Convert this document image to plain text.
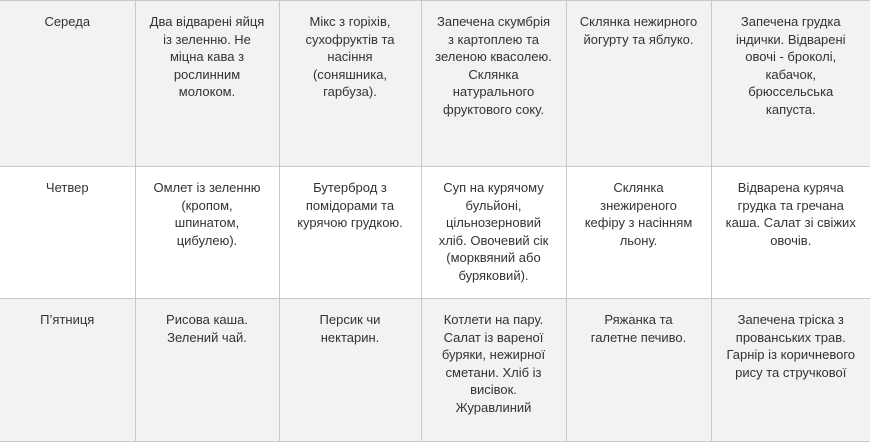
Середа	Два відварені яйця із зеленню. Не міцна кава з рослинним молоком.	Мікс з горіхів, сухофруктів та насіння (соняшника, гарбуза).	Запечена скумбрія з картоплею та зеленою квасолею. Склянка натурального фруктового соку.	Склянка нежирного йогурту та яблуко.	Запечена грудка індички. Відварені овочі - броколі, кабачок, брюссельська капуста.

Четвер	Омлет із зеленню (кропом, шпинатом, цибулею).	Бутерброд з помідорами та курячою грудкою.	Суп на курячому бульйоні, цільнозерновий хліб. Овочевий сік (морквяний або буряковий).	Склянка знежиреного кефіру з насінням льону.	Відварена куряча грудка та гречана каша. Салат зі свіжих овочів.

П’ятниця	Рисова каша. Зелений чай.	Персик чи нектарин.	Котлети на пару. Салат із вареної буряки, нежирної сметани. Хліб із висівок. Журавлиний	Ряжанка та галетне печиво.	Запечена тріска з прованських трав. Гарнір із коричневого рису та стручкової
